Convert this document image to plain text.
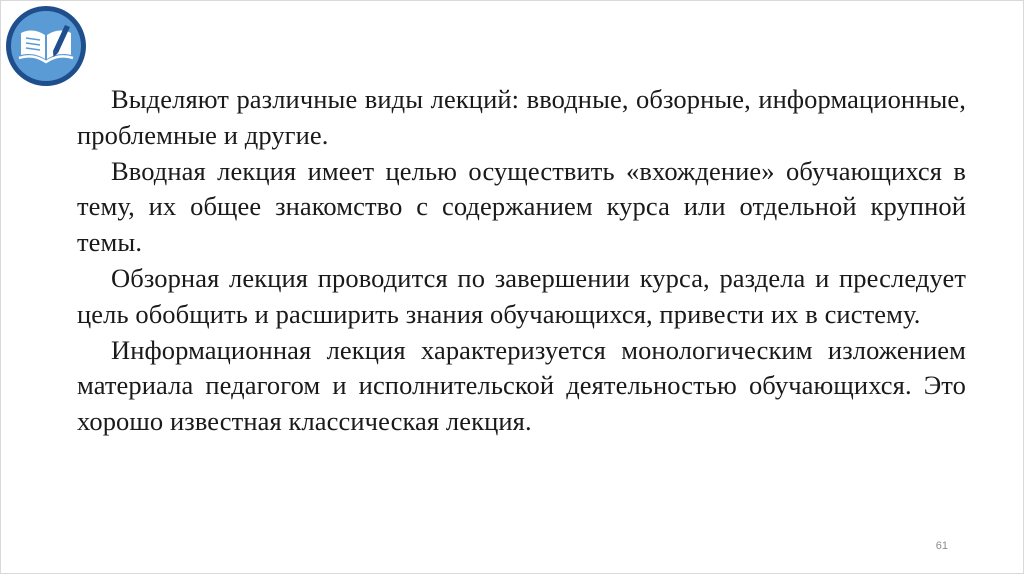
Выделяют различные виды лекций: вводные, обзорные, информационные, проблемные и другие.

Вводная лекция имеет целью осуществить «вхождение» обучающихся в тему, их общее знакомство с содержанием курса или отдельной крупной темы.

Обзорная лекция проводится по завершении курса, раздела и преследует цель обобщить и расширить знания обучающихся, привести их в систему.

Информационная лекция характеризуется монологическим изложением материала педагогом и исполнительской деятельностью обучающихся. Это хорошо известная классическая лекция.

61
